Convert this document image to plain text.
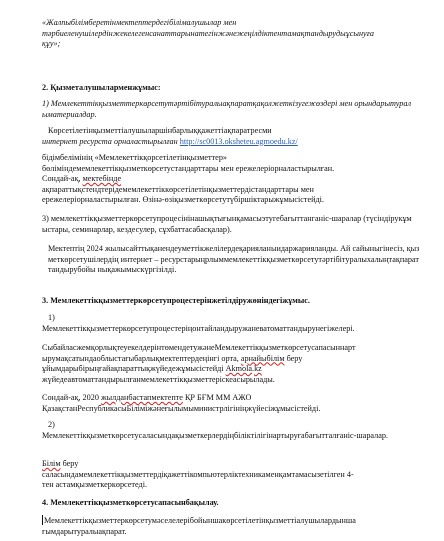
«Жалпыбілімберетінмектептердегібілімалушылар мен
тәрбиеленушілердінжекелегенсанаттарынатегінжәнежеңілдіктентамақтандырудыұсынуға
құу»;
2. Қызметалушыларменжұмыс:
1) Мемлекеттікқызметтеркөрсетутәртібітуралыақпаратқақолжеткізугежөздері мен орындарытуралыматериалдар.
Көрсетілетінқызметтіалушыларшінбарлыққажеттіақпаратресми
интернет ресурста орналастырылған http://sc0013.oksheteu.agmoedu.kz/
бідімбелімінің «Мемлекеттікқорсетілетінқызметтер»
бөліміндемемлекеттікқызметкөрсетустандарттары мен ережелеріорналастырылған.
Сондай-ақ, мектебінде
ақпараттықстендтерідемемлекеттіккөрсетілетінқызметтердістандарттары мен
ережелеріорналастырылған. Өзінә-өзіқызметкөрсетутүбіршіктарыжұмысістейді.
3) мемлекеттікқызметтеркөрсетупроцесінінашықтығынқамасыэтугебағыттанганіс-шаралар (түсіндірукұмыстары, семинарлар, кездесулер, сұхбаттасабасқалар).
Мектептің 2024 жылысайттықанендеуметтікжелілердеқарияланыидаржарияланды. Ай сайыныгінесіз, қызметкөрсетушілердің интернет – ресурстарыңрлыммемлекеттікқызметкөрсетутәртібітуралыхалыңтақпараттандырубойы нықажымыскүргізілді.
3. Мемлекеттікқызметтеркөрсетупроцестерінжетілдіружөніндегіжұмыс.
1)
Мемлекеттікқызметтеркөрсетупроцестеріңонтайландыружаневатоматтандырунегіжелері.
СыбайлаcжемқорлықтеуекелдерінтөмендетужәнеМемлекеттікқызметкөрсетусапасыннарт
ырумақсатындаоблыстағыбарлықмектептердеңінгі орта, арнайыбілім беру
ұйымдарыбірыңғайақпараттықжүйедежұмысістейді Akmola.kz
жүйедеавтоматтандырылғанмемлекеттікқызметтеріскеасырылады.
Сондай-ақ, 2020 жылданбастапмектепте ҚР БҒМ ММ АЖО
ҚазақстанРеспубликасыБіліміжәнеғылымыминистрлігініңжүйесіжұмысістейді.
2)
Мемлекеттікқызметкөрсетусаласындақызметкерлердіңбіліктілігінартыруғабағытталғаніс-шаралар.
Білім беру
саласындамемлекеттікқызметтердіқажеттікомпьютерліктехникаменқамтамасызетілген 4-
тен астамқызметкеркөрсетеді.
4. Мемлекеттікқызметкөрсетусапасынбақылау.
Мемлекеттікқызметтеркөрсетумәселелерібойыншакөрсетілетінқызметтіалушылардынша
ғымдарытуралыақпарат.
